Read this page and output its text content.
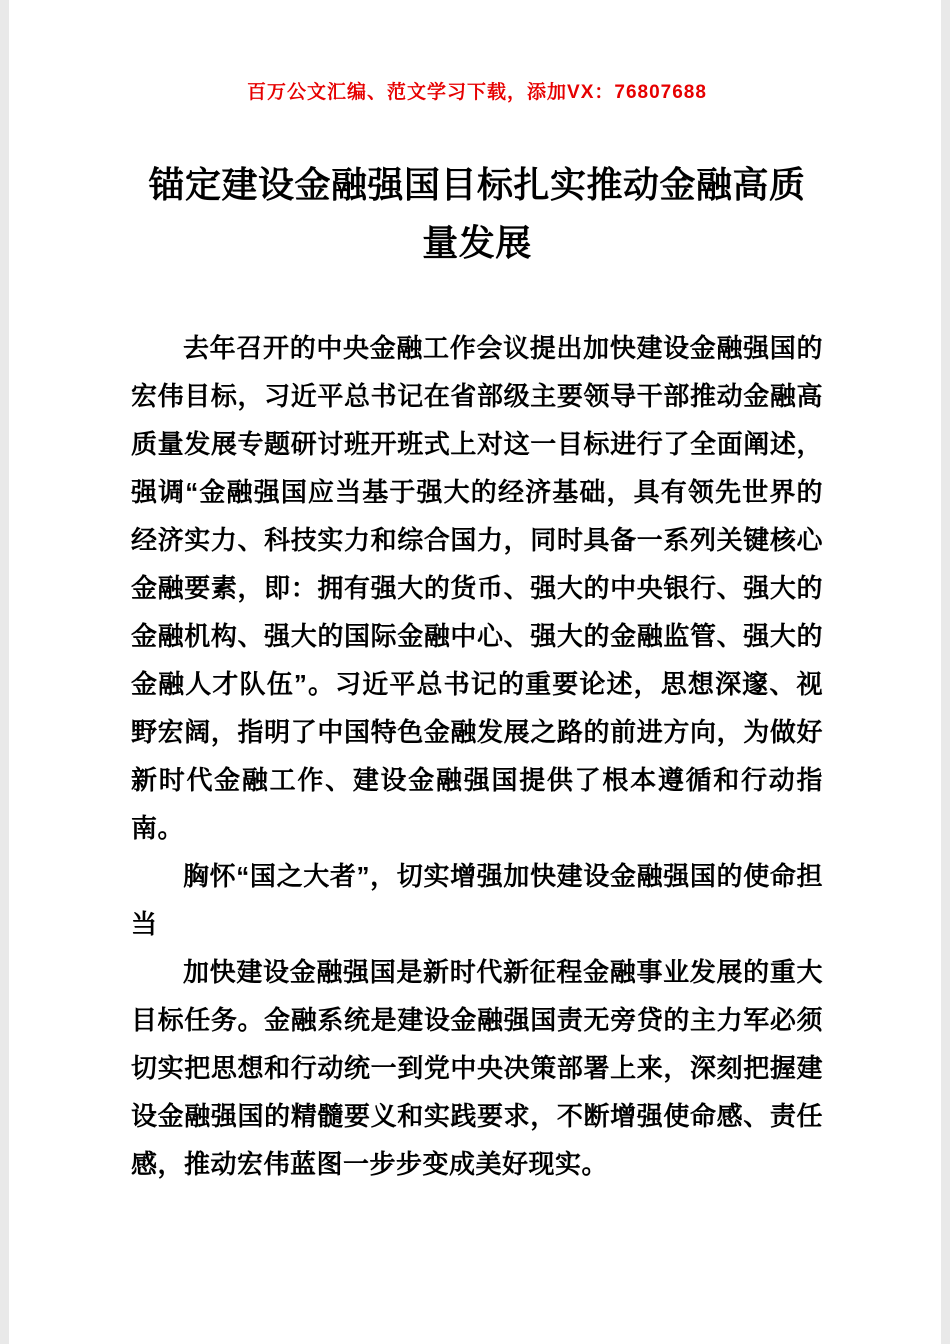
百万公文汇编、范文学习下载，添加VX：76807688
锚定建设金融强国目标扎实推动金融高质量发展

去年召开的中央金融工作会议提出加快建设金融强国的宏伟目标，习近平总书记在省部级主要领导干部推动金融高质量发展专题研讨班开班式上对这一目标进行了全面阐述，强调“金融强国应当基于强大的经济基础，具有领先世界的经济实力、科技实力和综合国力，同时具备一系列关键核心金融要素，即：拥有强大的货币、强大的中央银行、强大的金融机构、强大的国际金融中心、强大的金融监管、强大的金融人才队伍”。习近平总书记的重要论述，思想深邃、视野宏阔，指明了中国特色金融发展之路的前进方向，为做好新时代金融工作、建设金融强国提供了根本遵循和行动指南。

胸怀“国之大者”，切实增强加快建设金融强国的使命担当

加快建设金融强国是新时代新征程金融事业发展的重大目标任务。金融系统是建设金融强国责无旁贷的主力军必须切实把思想和行动统一到党中央决策部署上来，深刻把握建设金融强国的精髓要义和实践要求，不断增强使命感、责任感，推动宏伟蓝图一步步变成美好现实。
